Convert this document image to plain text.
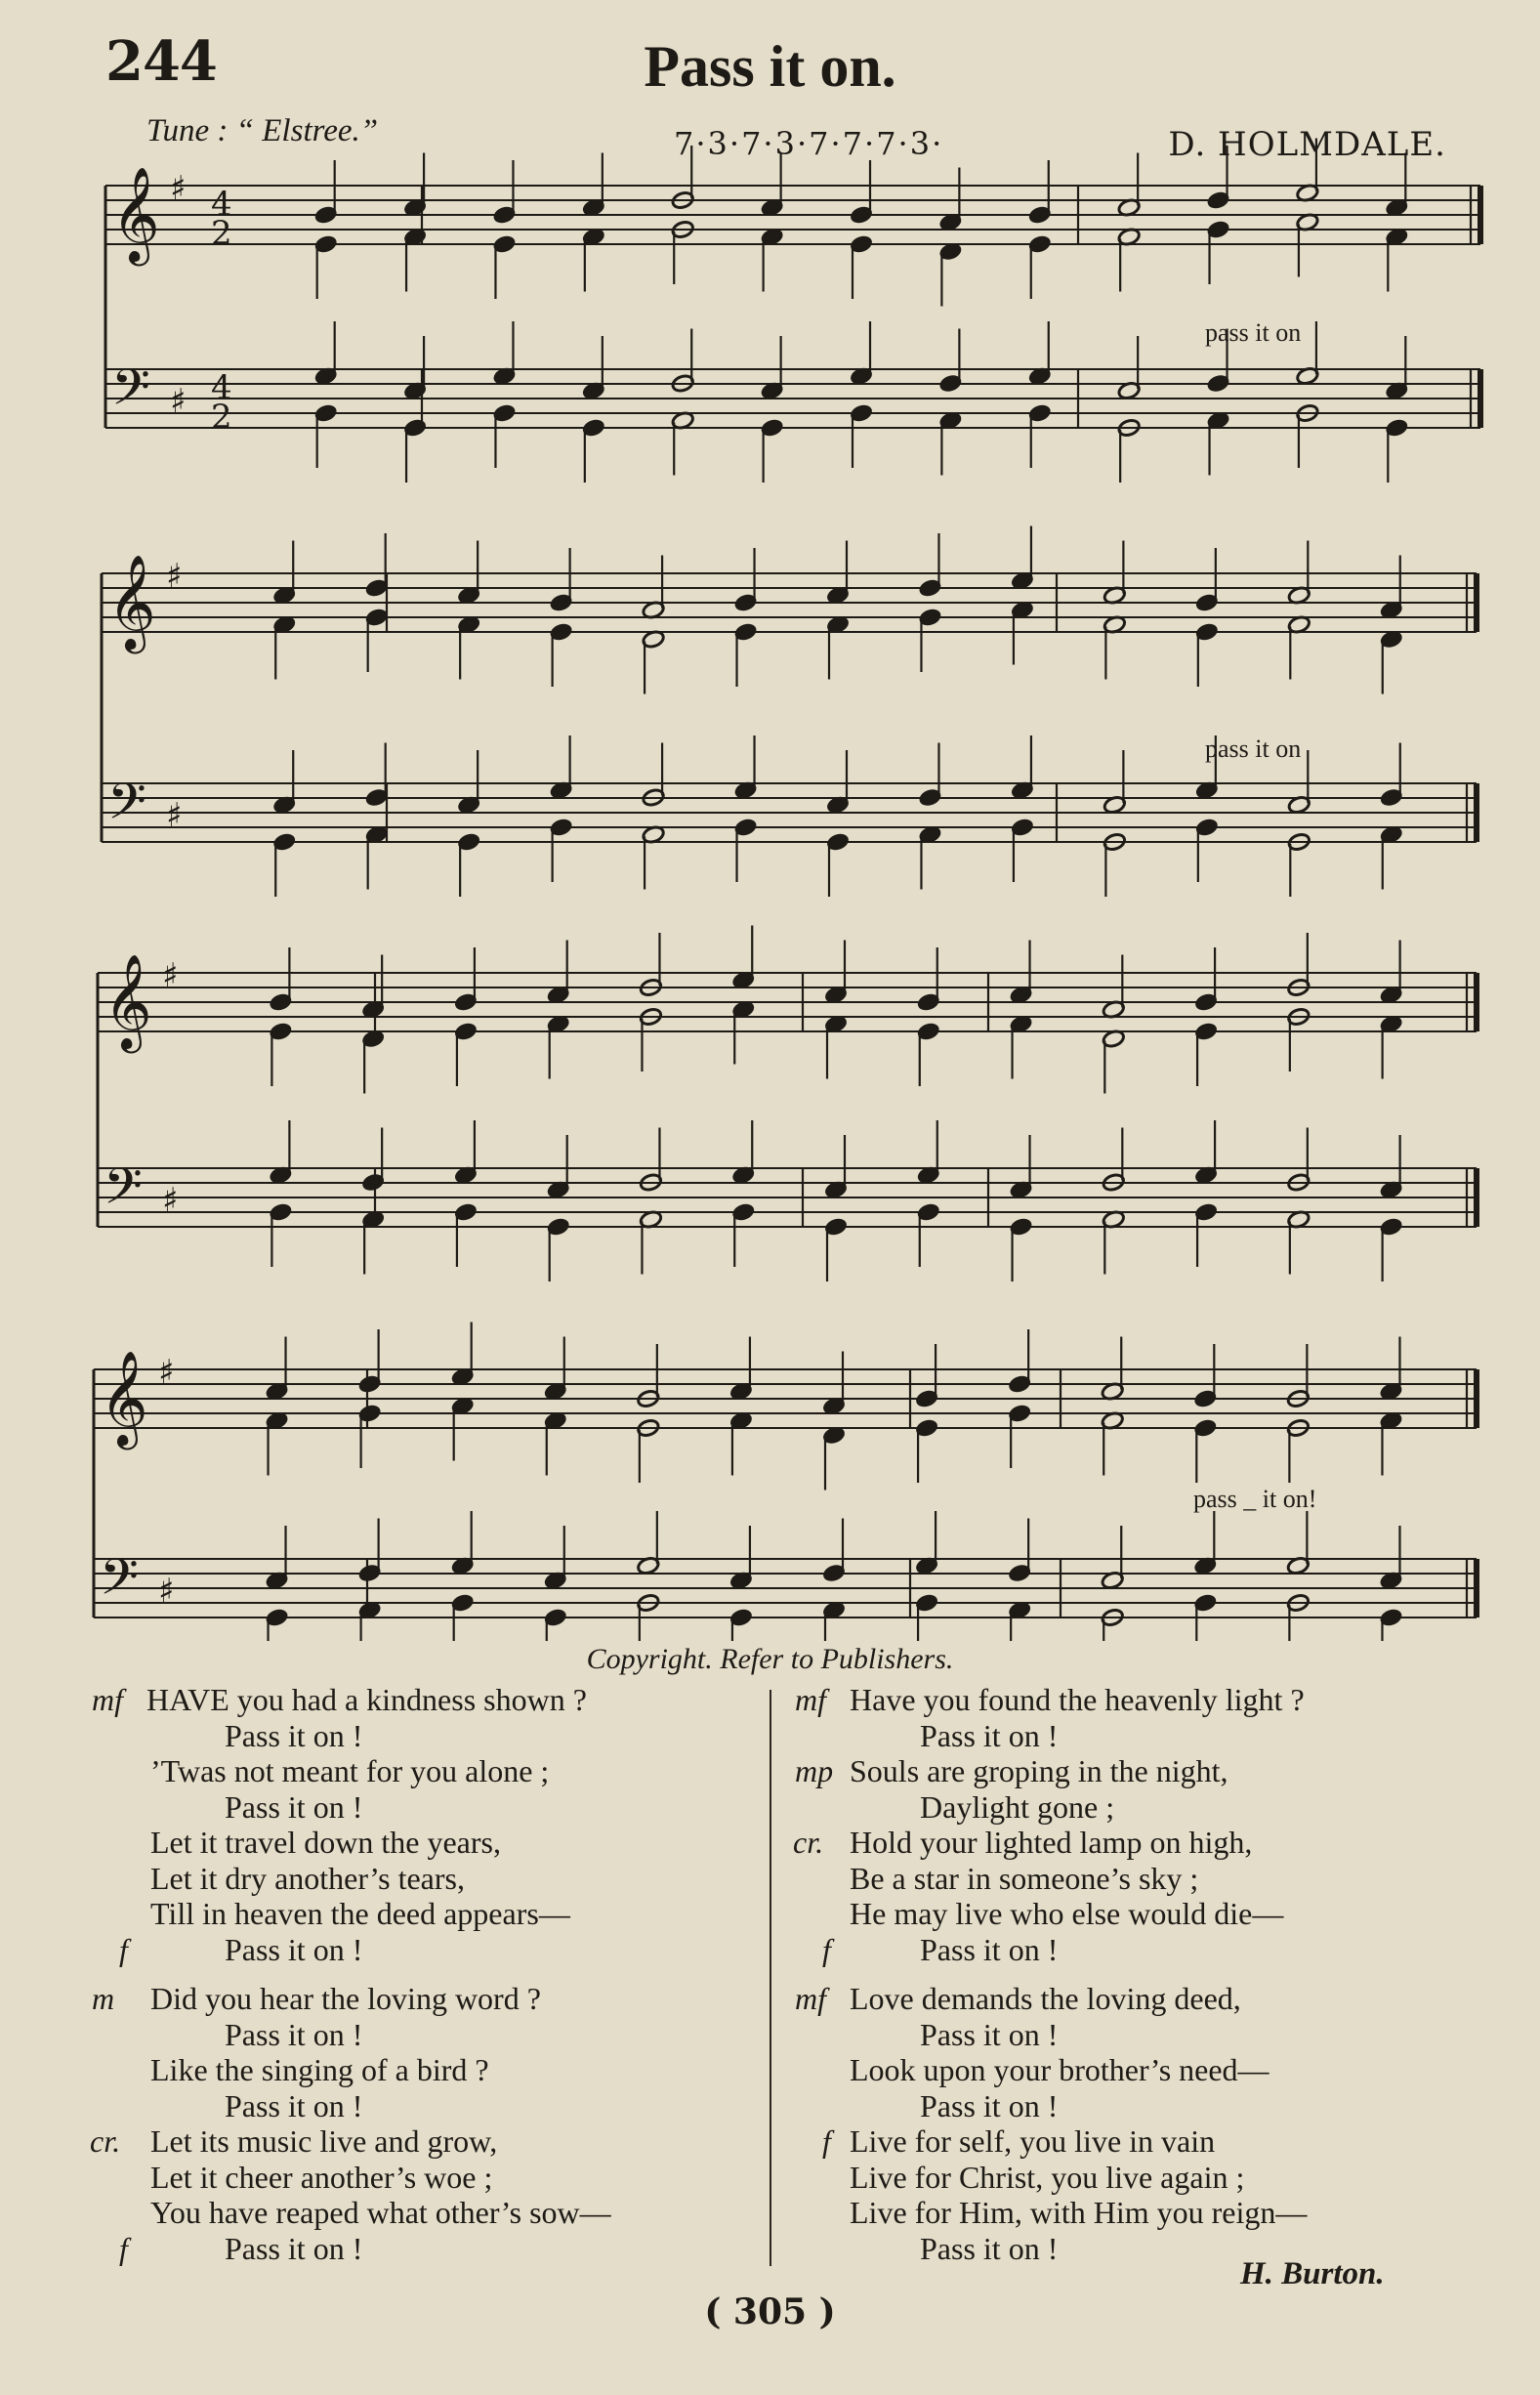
244	Pass it on.
Tune : “ Elstree.”	7·3·7·3·7·7·7·3·	D. HOLMDALE.
𝄞
𝄢
♯
♯
4
2
4
2
𝄞
𝄢
♯
♯
𝄞
𝄢
♯
♯
𝄞
𝄢
♯
♯
pass it on
pass it on
pass _ it on!
Copyright. Refer to Publishers.
mf HAVE you had a kindness shown ?
Pass it on !
’Twas not meant for you alone ;
Pass it on !
Let it travel down the years,
Let it dry another’s tears,
Till in heaven the deed appears—
f	Pass it on !
m Did you hear the loving word ?
Pass it on !
Like the singing of a bird ?
Pass it on !
cr. Let its music live and grow,
Let it cheer another’s woe ;
You have reaped what other’s sow—
f	Pass it on !
mf Have you found the heavenly light ?
Pass it on !
mp Souls are groping in the night,
Daylight gone ;
cr. Hold your lighted lamp on high,
Be a star in someone’s sky ;
He may live who else would die—
f	Pass it on !
mf Love demands the loving deed,
Pass it on !
Look upon your brother’s need—
Pass it on !
f Live for self, you live in vain
Live for Christ, you live again ;
Live for Him, with Him you reign—
Pass it on !
H. Burton.
( 305 )
